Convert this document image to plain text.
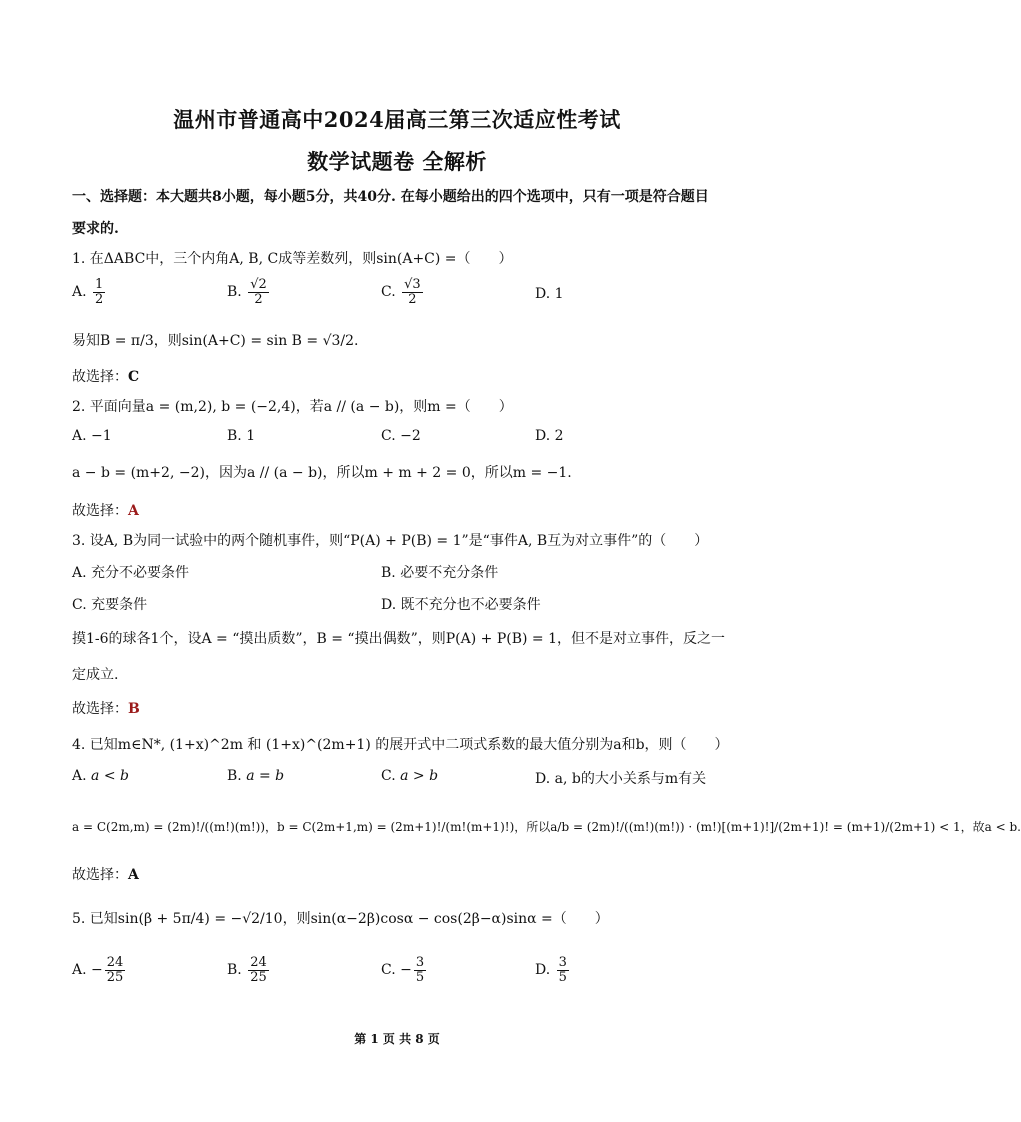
温州市普通高中2024届高三第三次适应性考试
数学试题卷 全解析
一、选择题：本大题共8小题，每小题5分，共40分. 在每小题给出的四个选项中，只有一项是符合题目
要求的.
1. 在ΔABC中，三个内角A, B, C成等差数列，则sin(A+C) =（　　）
A. $\frac{1}{2}$	B. $\frac{√2}{2}$	C. $\frac{√3}{2}$	D. 1
易知B = π/3，则sin(A+C) = sin B = √3/2.
故选择：C
2. 平面向量a = (m,2), b = (−2,4)，若a // (a − b)，则m =（　　）
A. −1	B. 1	C. −2	D. 2
a − b = (m+2, −2)，因为a // (a − b)，所以m + m + 2 = 0，所以m = −1.
故选择：A
3. 设A, B为同一试验中的两个随机事件，则“P(A) + P(B) = 1”是“事件A, B互为对立事件”的（　　）
A. 充分不必要条件	B. 必要不充分条件
C. 充要条件	D. 既不充分也不必要条件
摸1-6的球各1个，设A = “摸出质数”，B = “摸出偶数”，则P(A) + P(B) = 1，但不是对立事件，反之一
定成立.
故选择：B
4. 已知m∈N*, (1+x)^2m 和 (1+x)^(2m+1) 的展开式中二项式系数的最大值分别为a和b，则（　　）
A. a < b	B. a = b	C. a > b	D. a, b的大小关系与m有关
a = C(2m,m) = (2m)!/((m!)(m!))，b = C(2m+1,m) = (2m+1)!/(m!(m+1)!)，所以a/b = (2m)!/((m!)(m!)) · (m!)[(m+1)!]/(2m+1)! = (m+1)/(2m+1) < 1，故a < b.
故选择：A
5. 已知sin(β + 5π/4) = −√2/10，则sin(α−2β)cosα − cos(2β−α)sinα =（　　）
A. − $\frac{24}{25}$	B. $\frac{24}{25}$	C. − $\frac{3}{5}$	D. $\frac{3}{5}$
第 1 页 共 8 页
